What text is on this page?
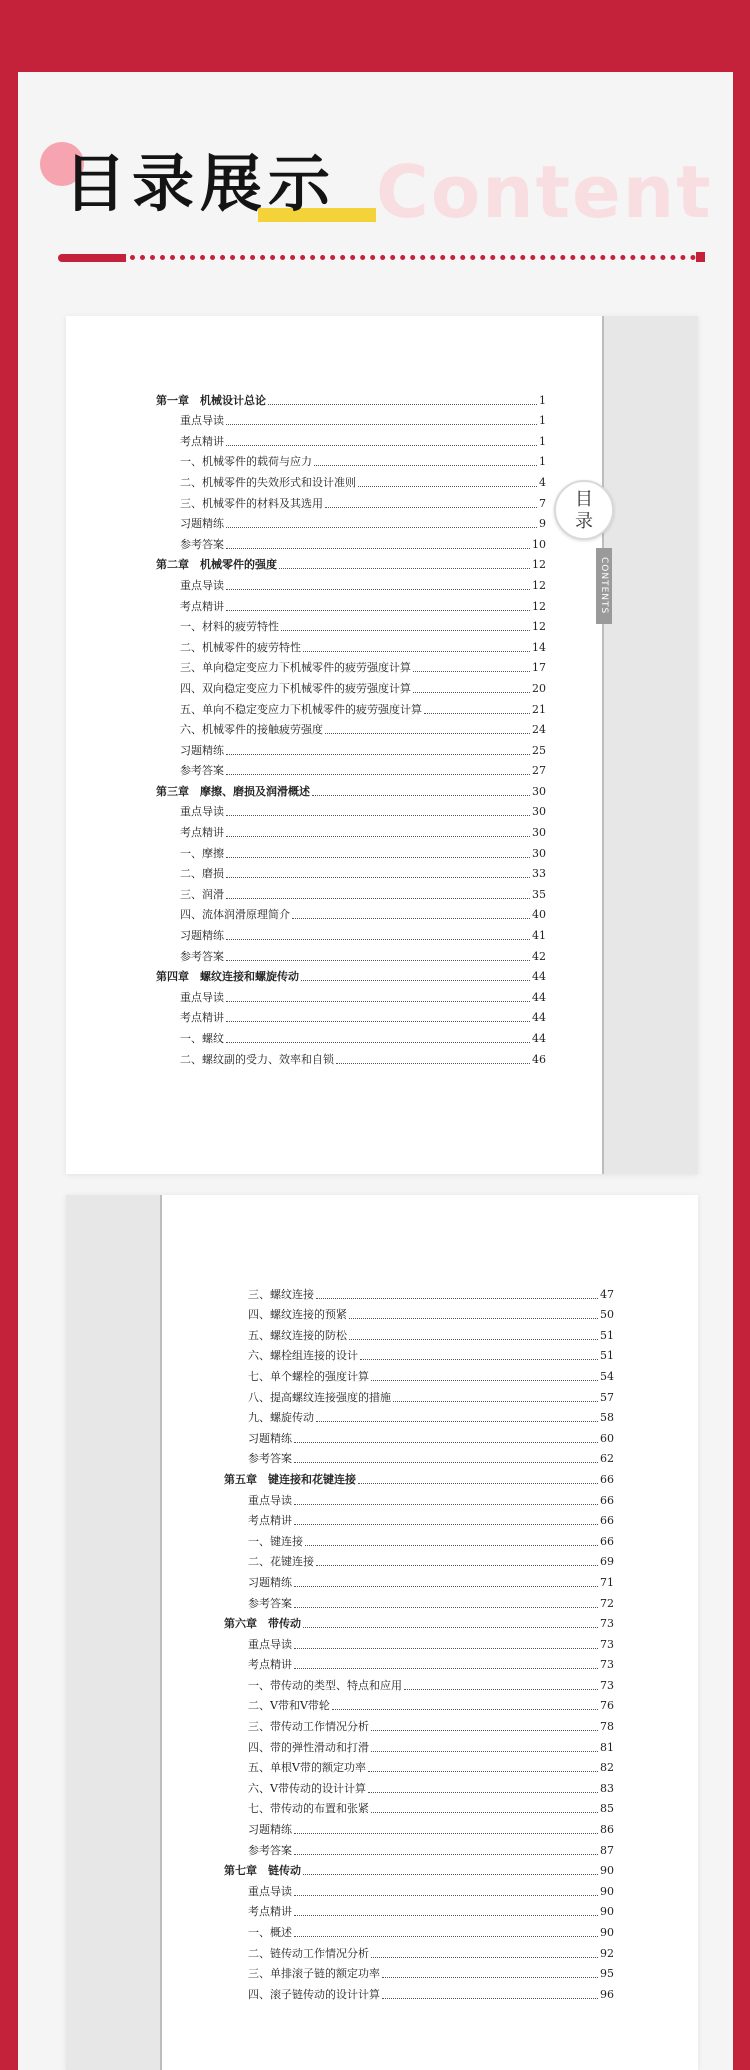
目录展示 Content
第一章　机械设计总论	1
重点导读	1
考点精讲	1
一、机械零件的载荷与应力	1
二、机械零件的失效形式和设计准则	4
三、机械零件的材料及其选用	7
习题精练	9
参考答案	10
第二章　机械零件的强度	12
重点导读	12
考点精讲	12
一、材料的疲劳特性	12
二、机械零件的疲劳特性	14
三、单向稳定变应力下机械零件的疲劳强度计算	17
四、双向稳定变应力下机械零件的疲劳强度计算	20
五、单向不稳定变应力下机械零件的疲劳强度计算	21
六、机械零件的接触疲劳强度	24
习题精练	25
参考答案	27
第三章　摩擦、磨损及润滑概述	30
重点导读	30
考点精讲	30
一、摩擦	30
二、磨损	33
三、润滑	35
四、流体润滑原理简介	40
习题精练	41
参考答案	42
第四章　螺纹连接和螺旋传动	44
重点导读	44
考点精讲	44
一、螺纹	44
二、螺纹副的受力、效率和自锁	46
目
录
CONTENTS
三、螺纹连接	47
四、螺纹连接的预紧	50
五、螺纹连接的防松	51
六、螺栓组连接的设计	51
七、单个螺栓的强度计算	54
八、提高螺纹连接强度的措施	57
九、螺旋传动	58
习题精练	60
参考答案	62
第五章　键连接和花键连接	66
重点导读	66
考点精讲	66
一、键连接	66
二、花键连接	69
习题精练	71
参考答案	72
第六章　带传动	73
重点导读	73
考点精讲	73
一、带传动的类型、特点和应用	73
二、V带和V带轮	76
三、带传动工作情况分析	78
四、带的弹性滑动和打滑	81
五、单根V带的额定功率	82
六、V带传动的设计计算	83
七、带传动的布置和张紧	85
习题精练	86
参考答案	87
第七章　链传动	90
重点导读	90
考点精讲	90
一、概述	90
二、链传动工作情况分析	92
三、单排滚子链的额定功率	95
四、滚子链传动的设计计算	96
